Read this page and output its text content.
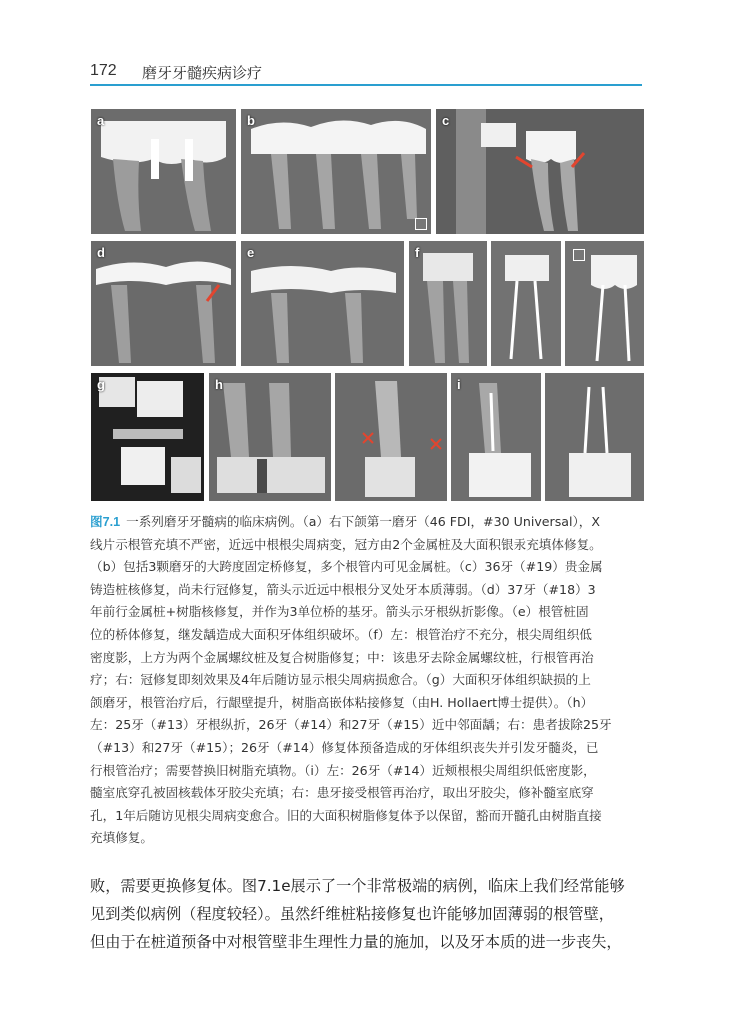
172 磨牙牙髓疾病诊疗
a	b	c
d	e	f
g	h	i
图7.1 一系列磨牙牙髓病的临床病例。（a）右下颌第一磨牙（46 FDI，#30 Universal），X
线片示根管充填不严密，近远中根根尖周病变，冠方由2个金属桩及大面积银汞充填体修复。
（b）包括3颗磨牙的大跨度固定桥修复，多个根管内可见金属桩。（c）36牙（#19）贵金属
铸造桩核修复，尚未行冠修复，箭头示近远中根根分叉处牙本质薄弱。（d）37牙（#18）3
年前行金属桩+树脂核修复，并作为3单位桥的基牙。箭头示牙根纵折影像。（e）根管桩固
位的桥体修复，继发龋造成大面积牙体组织破坏。（f）左：根管治疗不充分，根尖周组织低
密度影，上方为两个金属螺纹桩及复合树脂修复；中：该患牙去除金属螺纹桩，行根管再治
疗；右：冠修复即刻效果及4年后随访显示根尖周病损愈合。（g）大面积牙体组织缺损的上
颌磨牙，根管治疗后，行龈壁提升，树脂高嵌体粘接修复（由H. Hollaert博士提供）。（h）
左：25牙（#13）牙根纵折，26牙（#14）和27牙（#15）近中邻面龋；右：患者拔除25牙
（#13）和27牙（#15）；26牙（#14）修复体预备造成的牙体组织丧失并引发牙髓炎，已
行根管治疗；需要替换旧树脂充填物。（i）左：26牙（#14）近颊根根尖周组织低密度影，
髓室底穿孔被固核载体牙胶尖充填；右：患牙接受根管再治疗，取出牙胶尖，修补髓室底穿
孔，1年后随访见根尖周病变愈合。旧的大面积树脂修复体予以保留，豁而开髓孔由树脂直接
充填修复。
败，需要更换修复体。图7.1e展示了一个非常极端的病例，临床上我们经常能够
见到类似病例（程度较轻）。虽然纤维桩粘接修复也许能够加固薄弱的根管壁，
但由于在桩道预备中对根管壁非生理性力量的施加，以及牙本质的进一步丧失，
